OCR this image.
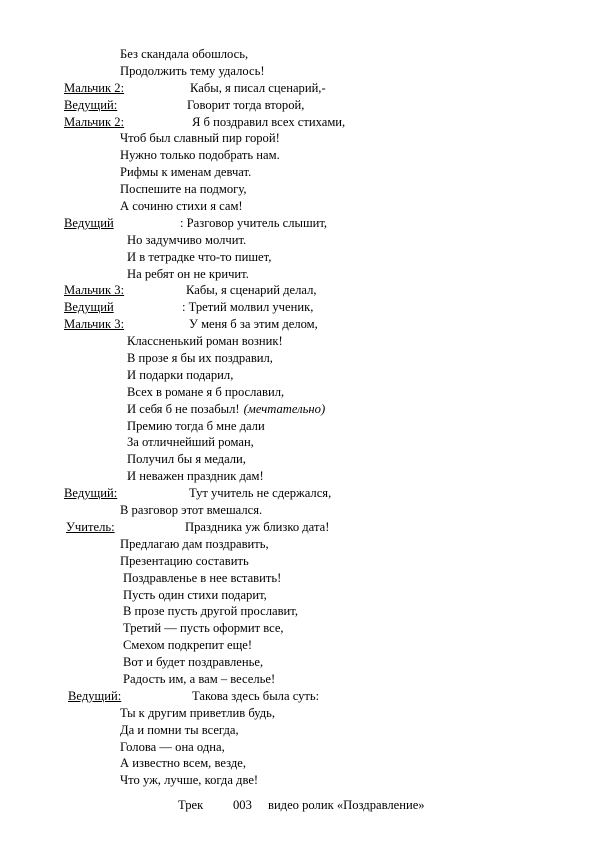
Без скандала обошлось,
Продолжить тему удалось!
Мальчик 2:	Кабы, я писал сценарий,-
Ведущий:	Говорит тогда второй,
Мальчик 2:	Я б поздравил всех стихами,
Чтоб был славный пир горой!
Нужно только подобрать нам.
Рифмы к именам девчат.
Поспешите на подмогу,
А сочиню стихи я сам!
Ведущий	: Разговор учитель слышит,
Но задумчиво молчит.
И в тетрадке что-то пишет,
На ребят он не кричит.
Мальчик 3:	Кабы, я сценарий делал,
Ведущий	: Третий молвил ученик,
Мальчик 3:	У меня б за этим делом,
Классненький роман возник!
В прозе я бы их поздравил,
И подарки подарил,
Всех в романе я б прославил,
И себя б не позабыл! (мечтательно)
Премию тогда б мне дали
За отличнейший роман,
Получил бы я медали,
И неважен праздник дам!
Ведущий:	Тут учитель не сдержался,
В разговор этот вмешался.
Учитель:	Праздника уж близко дата!
Предлагаю дам поздравить,
Презентацию составить
Поздравленье в нее вставить!
Пусть один стихи подарит,
В прозе пусть другой прославит,
Третий — пусть оформит все,
Смехом подкрепит еще!
Вот и будет поздравленье,
Радость им, а вам – веселье!
Ведущий:	Такова здесь была суть:
Ты к другим приветлив будь,
Да и помни ты всегда,
Голова — она одна,
А известно всем, везде,
Что уж, лучше, когда две!
Трек 003 видео ролик «Поздравление»
